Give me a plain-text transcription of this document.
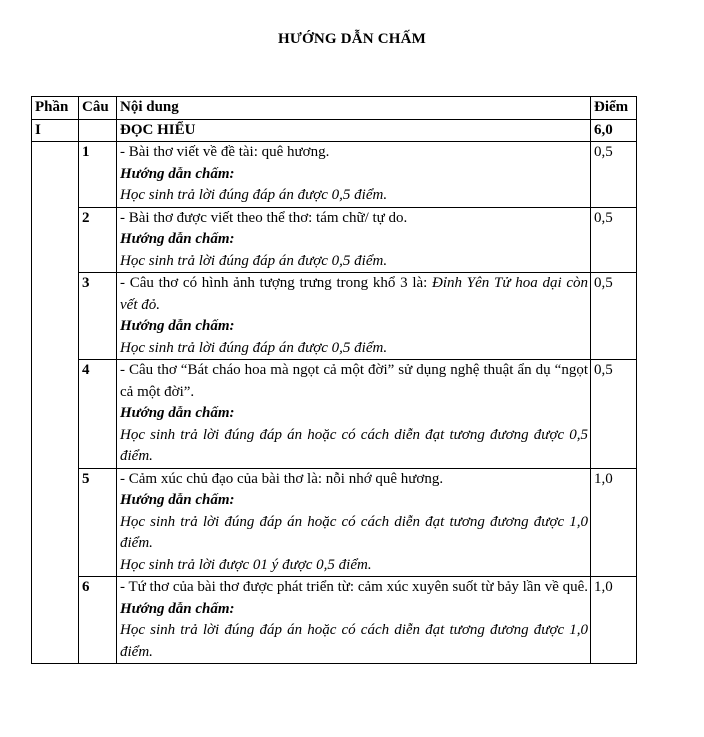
HƯỚNG DẪN CHẤM
Phần	Câu	Nội dung	Điểm
I		ĐỌC HIỂU	6,0
	1	- Bài thơ viết về đề tài: quê hương.
Hướng dẫn chấm:
Học sinh trả lời đúng đáp án được 0,5 điểm.	0,5
	2	- Bài thơ được viết theo thể thơ: tám chữ/ tự do.
Hướng dẫn chấm:
Học sinh trả lời đúng đáp án được 0,5 điểm.	0,5
	3	- Câu thơ có hình ảnh tượng trưng trong khổ 3 là: Đỉnh Yên Tử hoa dại còn vết đỏ.
Hướng dẫn chấm:
Học sinh trả lời đúng đáp án được 0,5 điểm.	0,5
	4	- Câu thơ “Bát cháo hoa mà ngọt cả một đời” sử dụng nghệ thuật ẩn dụ “ngọt cả một đời”.
Hướng dẫn chấm:
Học sinh trả lời đúng đáp án hoặc có cách diễn đạt tương đương được 0,5 điểm.	0,5
	5	- Cảm xúc chủ đạo của bài thơ là: nỗi nhớ quê hương.
Hướng dẫn chấm:
Học sinh trả lời đúng đáp án hoặc có cách diễn đạt tương đương được 1,0 điểm.
Học sinh trả lời được 01 ý được 0,5 điểm.	1,0
	6	- Tứ thơ của bài thơ được phát triển từ: cảm xúc xuyên suốt từ bảy lần về quê.
Hướng dẫn chấm:
Học sinh trả lời đúng đáp án hoặc có cách diễn đạt tương đương được 1,0 điểm.	1,0
